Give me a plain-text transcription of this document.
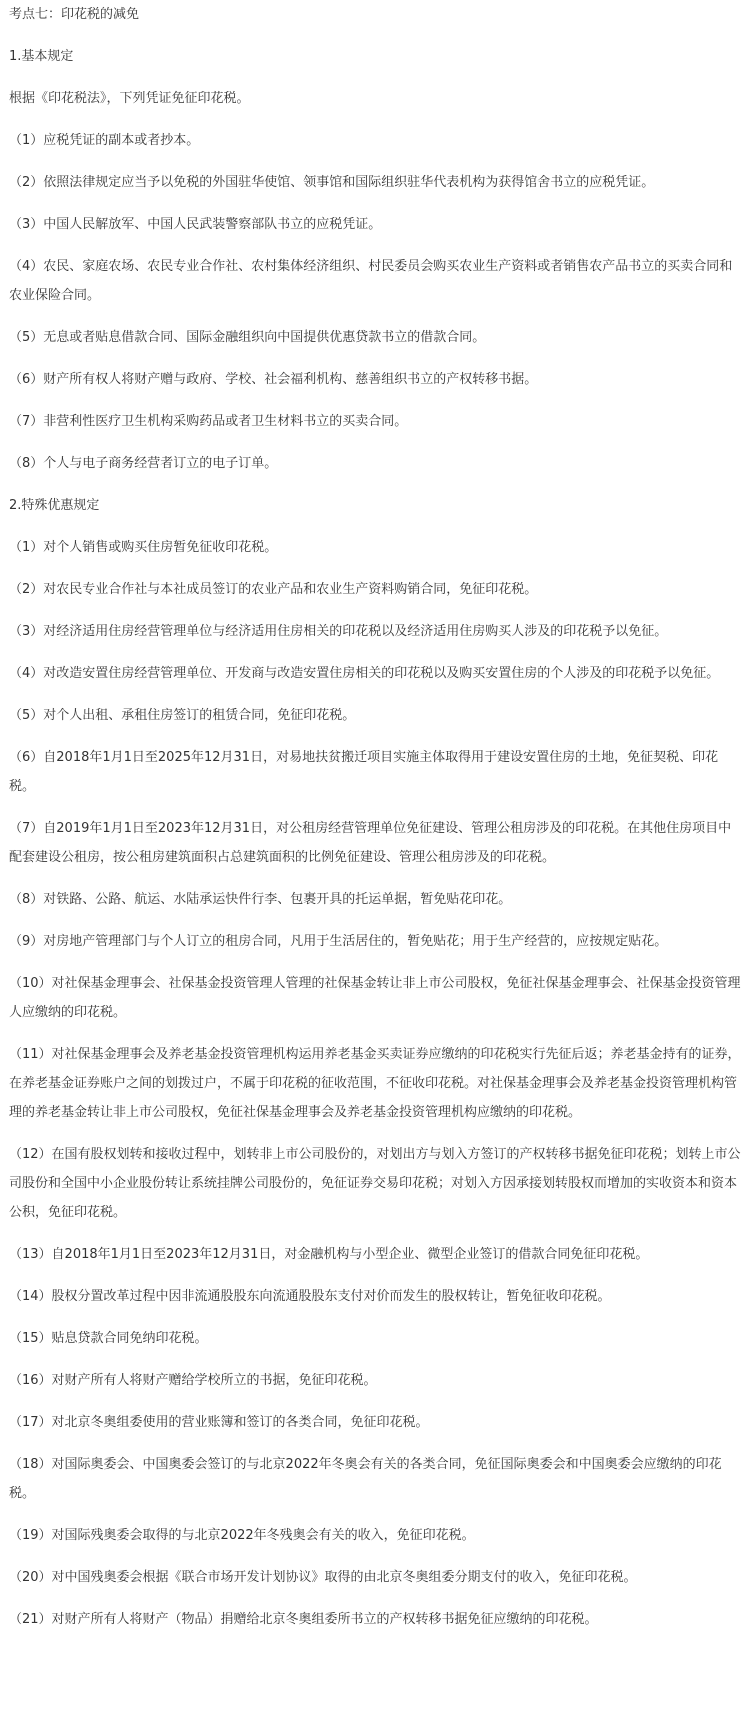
考点七：印花税的减免

1.基本规定

根据《印花税法》，下列凭证免征印花税。

（1）应税凭证的副本或者抄本。

（2）依照法律规定应当予以免税的外国驻华使馆、领事馆和国际组织驻华代表机构为获得馆舍书立的应税凭证。

（3）中国人民解放军、中国人民武装警察部队书立的应税凭证。

（4）农民、家庭农场、农民专业合作社、农村集体经济组织、村民委员会购买农业生产资料或者销售农产品书立的买卖合同和农业保险合同。

（5）无息或者贴息借款合同、国际金融组织向中国提供优惠贷款书立的借款合同。

（6）财产所有权人将财产赠与政府、学校、社会福利机构、慈善组织书立的产权转移书据。

（7）非营利性医疗卫生机构采购药品或者卫生材料书立的买卖合同。

（8）个人与电子商务经营者订立的电子订单。

2.特殊优惠规定

（1）对个人销售或购买住房暂免征收印花税。

（2）对农民专业合作社与本社成员签订的农业产品和农业生产资料购销合同，免征印花税。

（3）对经济适用住房经营管理单位与经济适用住房相关的印花税以及经济适用住房购买人涉及的印花税予以免征。

（4）对改造安置住房经营管理单位、开发商与改造安置住房相关的印花税以及购买安置住房的个人涉及的印花税予以免征。

（5）对个人出租、承租住房签订的租赁合同，免征印花税。

（6）自2018年1月1日至2025年12月31日，对易地扶贫搬迁项目实施主体取得用于建设安置住房的土地，免征契税、印花税。

（7）自2019年1月1日至2023年12月31日，对公租房经营管理单位免征建设、管理公租房涉及的印花税。在其他住房项目中配套建设公租房，按公租房建筑面积占总建筑面积的比例免征建设、管理公租房涉及的印花税。

（8）对铁路、公路、航运、水陆承运快件行李、包裹开具的托运单据，暂免贴花印花。

（9）对房地产管理部门与个人订立的租房合同，凡用于生活居住的，暂免贴花；用于生产经营的，应按规定贴花。

（10）对社保基金理事会、社保基金投资管理人管理的社保基金转让非上市公司股权，免征社保基金理事会、社保基金投资管理人应缴纳的印花税。

（11）对社保基金理事会及养老基金投资管理机构运用养老基金买卖证券应缴纳的印花税实行先征后返；养老基金持有的证券，在养老基金证券账户之间的划拨过户，不属于印花税的征收范围，不征收印花税。对社保基金理事会及养老基金投资管理机构管理的养老基金转让非上市公司股权，免征社保基金理事会及养老基金投资管理机构应缴纳的印花税。

（12）在国有股权划转和接收过程中，划转非上市公司股份的，对划出方与划入方签订的产权转移书据免征印花税；划转上市公司股份和全国中小企业股份转让系统挂牌公司股份的，免征证券交易印花税；对划入方因承接划转股权而增加的实收资本和资本公积，免征印花税。

（13）自2018年1月1日至2023年12月31日，对金融机构与小型企业、微型企业签订的借款合同免征印花税。

（14）股权分置改革过程中因非流通股股东向流通股股东支付对价而发生的股权转让，暂免征收印花税。

（15）贴息贷款合同免纳印花税。

（16）对财产所有人将财产赠给学校所立的书据，免征印花税。

（17）对北京冬奥组委使用的营业账簿和签订的各类合同，免征印花税。

（18）对国际奥委会、中国奥委会签订的与北京2022年冬奥会有关的各类合同，免征国际奥委会和中国奥委会应缴纳的印花税。

（19）对国际残奥委会取得的与北京2022年冬残奥会有关的收入，免征印花税。

（20）对中国残奥委会根据《联合市场开发计划协议》取得的由北京冬奥组委分期支付的收入，免征印花税。

（21）对财产所有人将财产（物品）捐赠给北京冬奥组委所书立的产权转移书据免征应缴纳的印花税。
